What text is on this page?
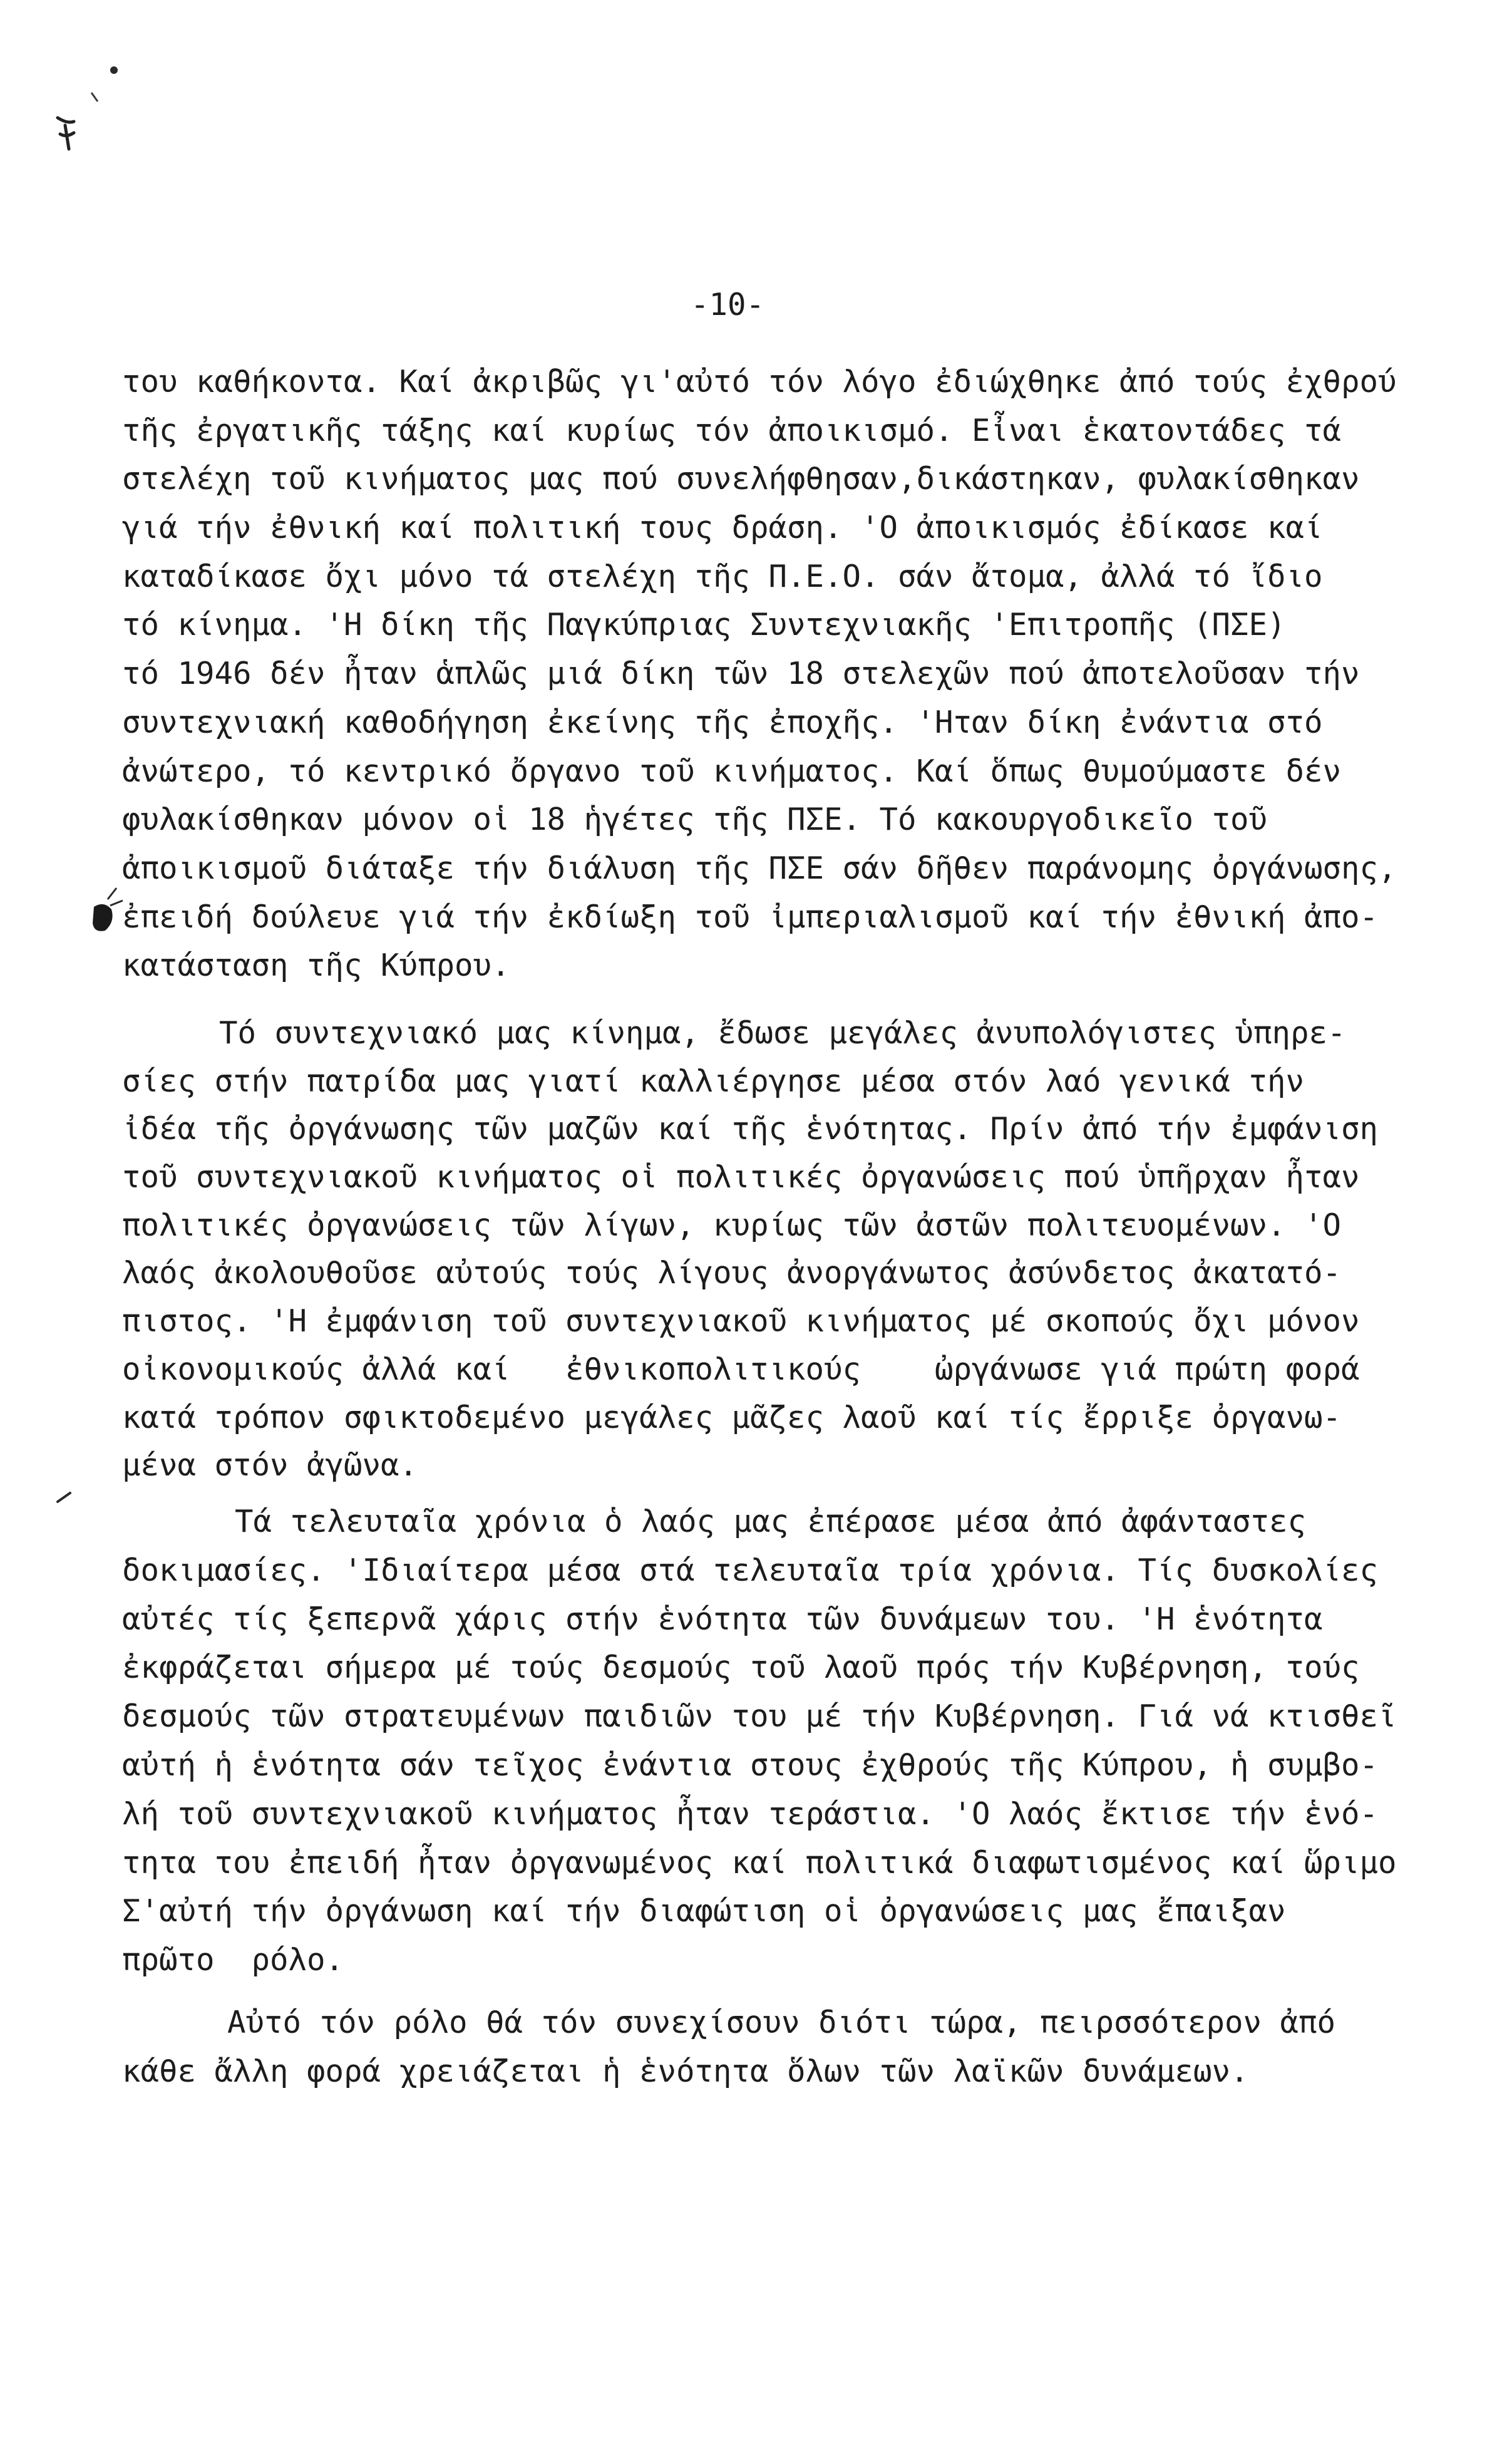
-10-
του καθήκοντα. Καί ἀκριβῶς γι'αὐτό τόν λόγο ἐδιώχθηκε ἀπό τούς ἐχθρού
τῆς ἐργατικῆς τάξης καί κυρίως τόν ἀποικισμό. Εἶναι ἑκατοντάδες τά
στελέχη τοῦ κινήματος μας πού συνελήφθησαν,δικάστηκαν, φυλακίσθηκαν
γιά τήν ἐθνική καί πολιτική τους δράση. 'Ο ἀποικισμός ἐδίκασε καί
καταδίκασε ὄχι μόνο τά στελέχη τῆς Π.Ε.Ο. σάν ἄτομα, ἀλλά τό ἴδιο
τό κίνημα. 'Η δίκη τῆς Παγκύπριας Συντεχνιακῆς 'Επιτροπῆς (ΠΣΕ)
τό 1946 δέν ἦταν ἁπλῶς μιά δίκη τῶν 18 στελεχῶν πού ἀποτελοῦσαν τήν
συντεχνιακή καθοδήγηση ἐκείνης τῆς ἐποχῆς. 'Ηταν δίκη ἐνάντια στό
ἀνώτερο, τό κεντρικό ὄργανο τοῦ κινήματος. Καί ὅπως θυμούμαστε δέν
φυλακίσθηκαν μόνον οἱ 18 ἡγέτες τῆς ΠΣΕ. Τό κακουργοδικεῖο τοῦ
ἀποικισμοῦ διάταξε τήν διάλυση τῆς ΠΣΕ σάν δῆθεν παράνομης ὀργάνωσης,
ἐπειδή δούλευε γιά τήν ἐκδίωξη τοῦ ἰμπεριαλισμοῦ καί τήν ἐθνική ἀπο-
κατάσταση τῆς Κύπρου.
Τό συντεχνιακό μας κίνημα, ἔδωσε μεγάλες ἀνυπολόγιστες ὑπηρε-
σίες στήν πατρίδα μας γιατί καλλιέργησε μέσα στόν λαό γενικά τήν
ἰδέα τῆς ὀργάνωσης τῶν μαζῶν καί τῆς ἑνότητας. Πρίν ἀπό τήν ἐμφάνιση
τοῦ συντεχνιακοῦ κινήματος οἱ πολιτικές ὀργανώσεις πού ὑπῆρχαν ἦταν
πολιτικές ὀργανώσεις τῶν λίγων, κυρίως τῶν ἀστῶν πολιτευομένων. 'Ο
λαός ἀκολουθοῦσε αὐτούς τούς λίγους ἀνοργάνωτος ἀσύνδετος ἀκατατό-
πιστος. 'Η ἐμφάνιση τοῦ συντεχνιακοῦ κινήματος μέ σκοπούς ὄχι μόνον
οἰκονομικούς ἀλλά καί   ἐθνικοπολιτικούς    ὠργάνωσε γιά πρώτη φορά
κατά τρόπον σφικτοδεμένο μεγάλες μᾶζες λαοῦ καί τίς ἔρριξε ὀργανω-
μένα στόν ἀγῶνα.
Τά τελευταῖα χρόνια ὁ λαός μας ἐπέρασε μέσα ἀπό ἀφάνταστες
δοκιμασίες. 'Ιδιαίτερα μέσα στά τελευταῖα τρία χρόνια. Τίς δυσκολίες
αὐτές τίς ξεπερνᾶ χάρις στήν ἑνότητα τῶν δυνάμεων του. 'Η ἑνότητα
ἐκφράζεται σήμερα μέ τούς δεσμούς τοῦ λαοῦ πρός τήν Κυβέρνηση, τούς
δεσμούς τῶν στρατευμένων παιδιῶν του μέ τήν Κυβέρνηση. Γιά νά κτισθεῖ
αὐτή ἡ ἑνότητα σάν τεῖχος ἐνάντια στους ἐχθρούς τῆς Κύπρου, ἡ συμβο-
λή τοῦ συντεχνιακοῦ κινήματος ἦταν τεράστια. 'Ο λαός ἔκτισε τήν ἑνό-
τητα του ἐπειδή ἦταν ὀργανωμένος καί πολιτικά διαφωτισμένος καί ὥριμο
Σ'αὐτή τήν ὀργάνωση καί τήν διαφώτιση οἱ ὀργανώσεις μας ἔπαιξαν
πρῶτο  ρόλο.
Αὐτό τόν ρόλο θά τόν συνεχίσουν διότι τώρα, πειρσσότερον ἀπό
κάθε ἄλλη φορά χρειάζεται ἡ ἑνότητα ὅλων τῶν λαϊκῶν δυνάμεων.
